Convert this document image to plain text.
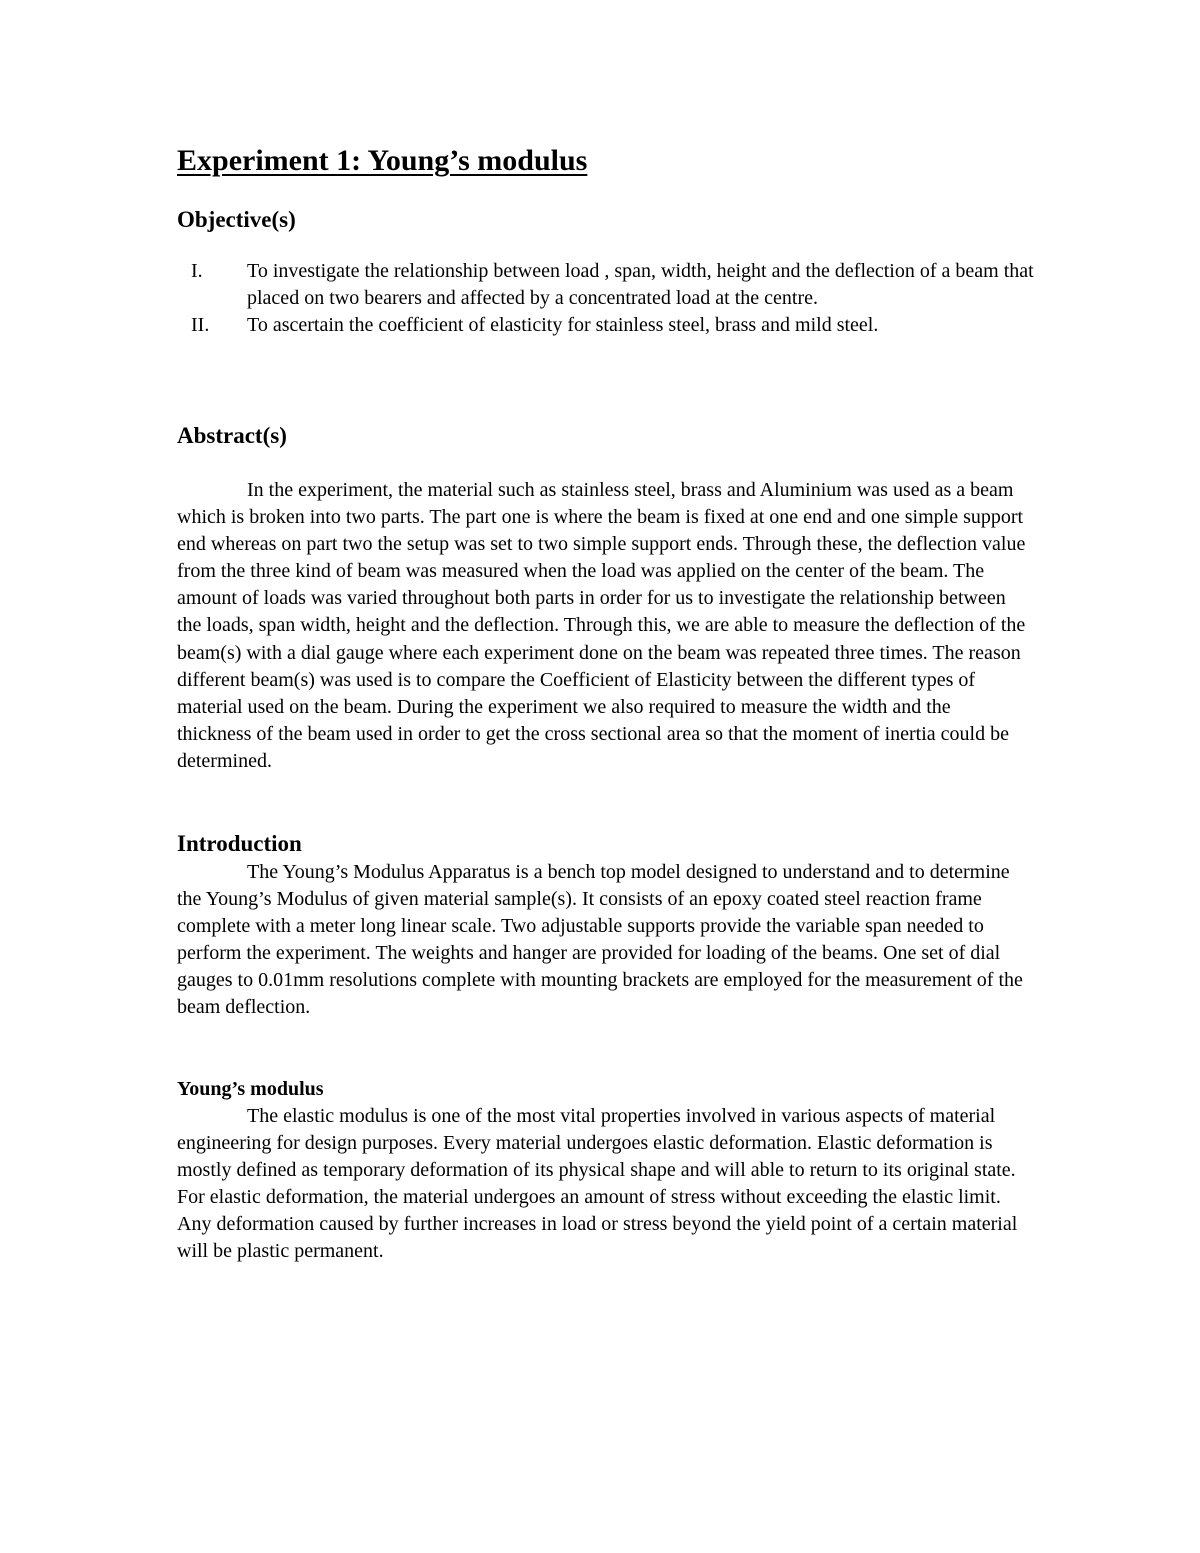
Experiment 1: Young’s modulus
Objective(s)
I. To investigate the relationship between load , span, width, height and the deflection of a beam that placed on two bearers and affected by a concentrated load at the centre.
II. To ascertain the coefficient of elasticity for stainless steel, brass and mild steel.
Abstract(s)

In the experiment, the material such as stainless steel, brass and Aluminium was used as a beam which is broken into two parts. The part one is where the beam is fixed at one end and one simple support end whereas on part two the setup was set to two simple support ends. Through these, the deflection value from the three kind of beam was measured when the load was applied on the center of the beam. The amount of loads was varied throughout both parts in order for us to investigate the relationship between the loads, span width, height and the deflection. Through this, we are able to measure the deflection of the beam(s) with a dial gauge where each experiment done on the beam was repeated three times. The reason different beam(s) was used is to compare the Coefficient of Elasticity between the different types of material used on the beam. During the experiment we also required to measure the width and the thickness of the beam used in order to get the cross sectional area so that the moment of inertia could be determined.

Introduction

The Young’s Modulus Apparatus is a bench top model designed to understand and to determine the Young’s Modulus of given material sample(s). It consists of an epoxy coated steel reaction frame complete with a meter long linear scale. Two adjustable supports provide the variable span needed to perform the experiment. The weights and hanger are provided for loading of the beams. One set of dial gauges to 0.01mm resolutions complete with mounting brackets are employed for the measurement of the beam deflection.

Young’s modulus

The elastic modulus is one of the most vital properties involved in various aspects of material engineering for design purposes. Every material undergoes elastic deformation. Elastic deformation is mostly defined as temporary deformation of its physical shape and will able to return to its original state. For elastic deformation, the material undergoes an amount of stress without exceeding the elastic limit. Any deformation caused by further increases in load or stress beyond the yield point of a certain material will be plastic permanent.
